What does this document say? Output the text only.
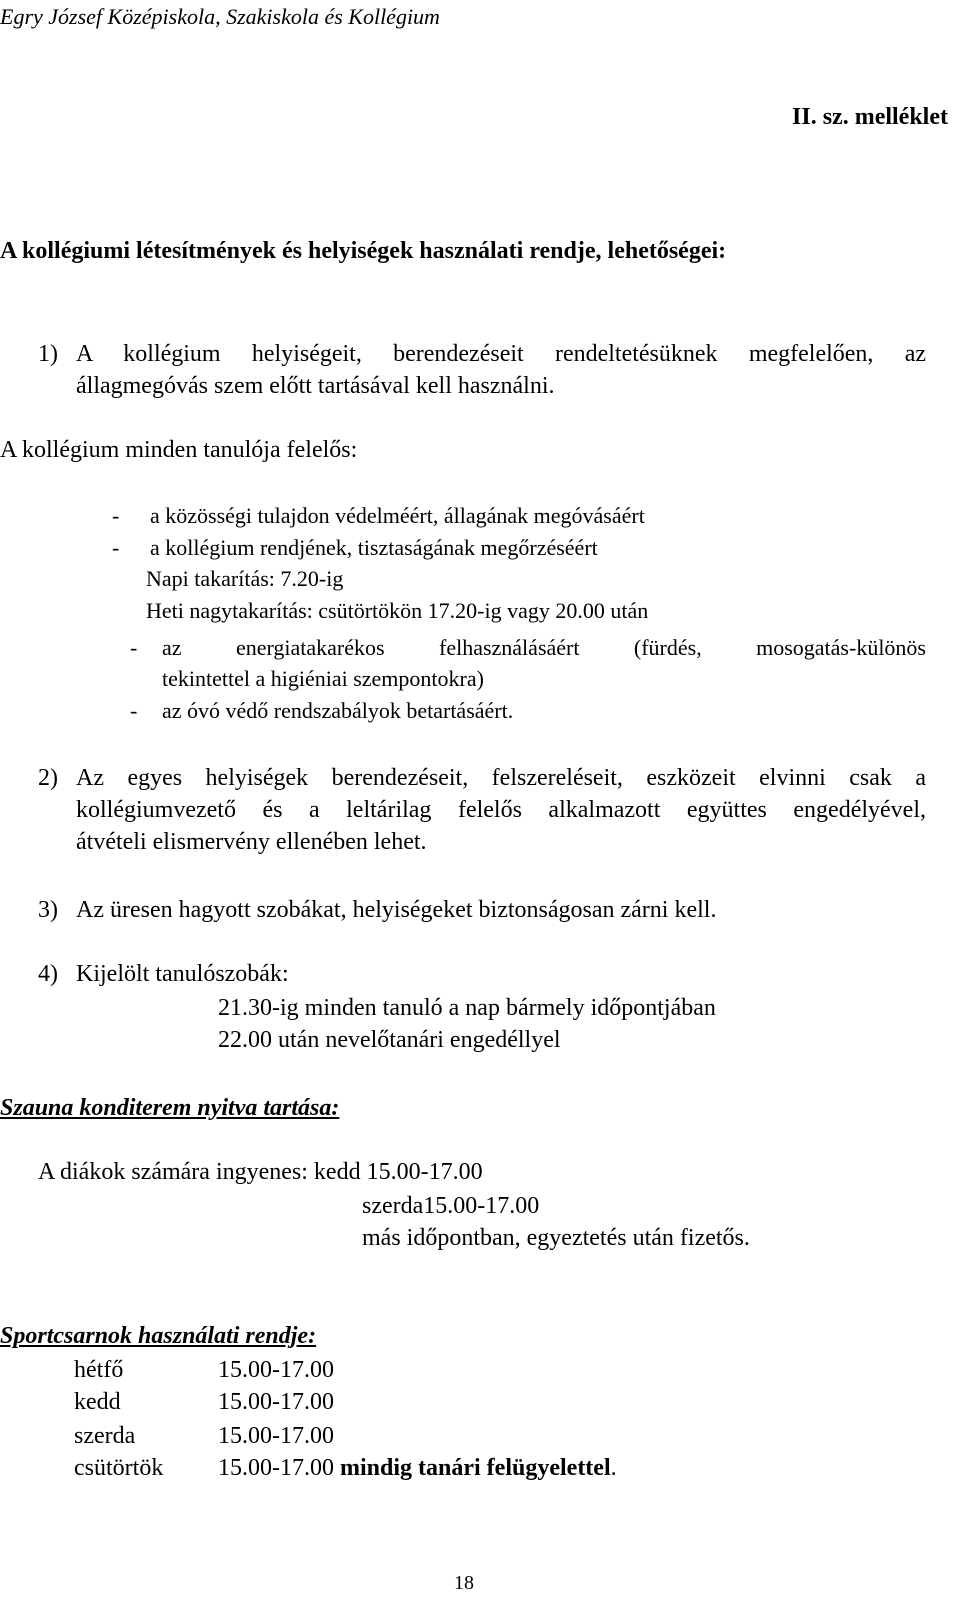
Egry József Középiskola, Szakiskola és Kollégium
II. sz. melléklet
A kollégiumi létesítmények és helyiségek használati rendje, lehetőségei:
1) A kollégium helyiségeit, berendezéseit rendeltetésüknek megfelelően, az
állagmegóvás szem előtt tartásával kell használni.
A kollégium minden tanulója felelős:
- a közösségi tulajdon védelméért, állagának megóvásáért
- a kollégium rendjének, tisztaságának megőrzéséért
Napi takarítás: 7.20-ig
Heti nagytakarítás: csütörtökön 17.20-ig vagy 20.00 után
- az energiatakarékos felhasználásáért (fürdés, mosogatás-különös
tekintettel a higiéniai szempontokra)
- az óvó védő rendszabályok betartásáért.
2) Az egyes helyiségek berendezéseit, felszereléseit, eszközeit elvinni csak a
kollégiumvezető és a leltárilag felelős alkalmazott együttes engedélyével,
átvételi elismervény ellenében lehet.
3) Az üresen hagyott szobákat, helyiségeket biztonságosan zárni kell.
4) Kijelölt tanulószobák:
21.30-ig minden tanuló a nap bármely időpontjában
22.00 után nevelőtanári engedéllyel
Szauna konditerem nyitva tartása:
A diákok számára ingyenes: kedd 15.00-17.00
szerda15.00-17.00
más időpontban, egyeztetés után fizetős.
Sportcsarnok használati rendje:
hétfő	15.00-17.00
kedd	15.00-17.00
szerda	15.00-17.00
csütörtök 15.00-17.00 mindig tanári felügyelettel.
18
